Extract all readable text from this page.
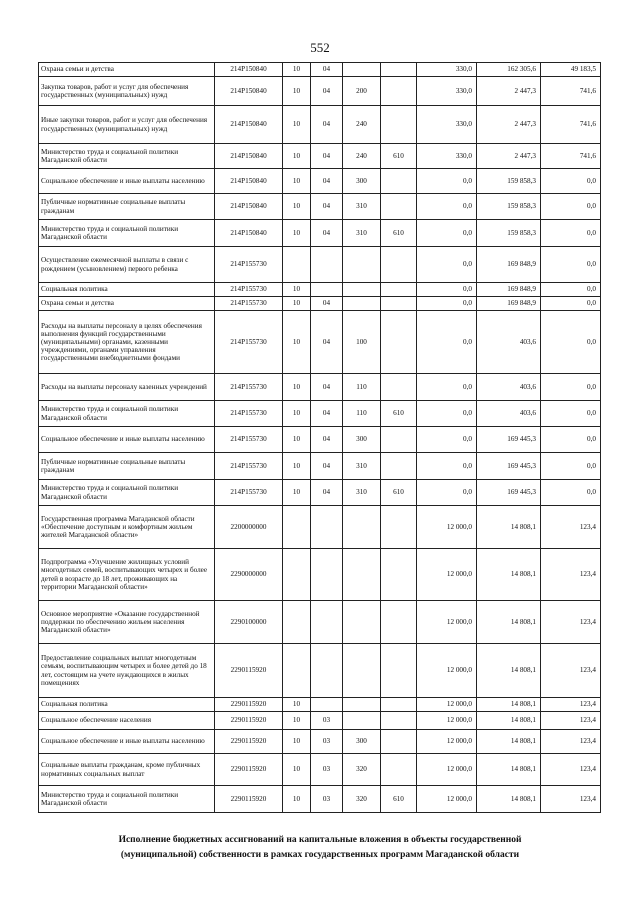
552
Охрана семьи и детства	214P150840	10	04			330,0	162 305,6	49 183,5
Закупка товаров, работ и услуг для обеспечения государственных (муниципальных) нужд	214P150840	10	04	200		330,0	2 447,3	741,6
Иные закупки товаров, работ и услуг для обеспечения государственных (муниципальных) нужд	214P150840	10	04	240		330,0	2 447,3	741,6
Министерство труда и социальной политики Магаданской области	214P150840	10	04	240	610	330,0	2 447,3	741,6
Социальное обеспечение и иные выплаты населению	214P150840	10	04	300		0,0	159 858,3	0,0
Публичные нормативные социальные выплаты гражданам	214P150840	10	04	310		0,0	159 858,3	0,0
Министерство труда и социальной политики Магаданской области	214P150840	10	04	310	610	0,0	159 858,3	0,0
Осуществление ежемесячной выплаты в связи с рождением (усыновлением) первого ребенка	214P155730					0,0	169 848,9	0,0
Социальная политика	214P155730	10				0,0	169 848,9	0,0
Охрана семьи и детства	214P155730	10	04			0,0	169 848,9	0,0
Расходы на выплаты персоналу в целях обеспечения выполнения функций государственными (муниципальными) органами, казенными учреждениями, органами управления государственными внебюджетными фондами	214P155730	10	04	100		0,0	403,6	0,0
Расходы на выплаты персоналу казенных учреждений	214P155730	10	04	110		0,0	403,6	0,0
Министерство труда и социальной политики Магаданской области	214P155730	10	04	110	610	0,0	403,6	0,0
Социальное обеспечение и иные выплаты населению	214P155730	10	04	300		0,0	169 445,3	0,0
Публичные нормативные социальные выплаты гражданам	214P155730	10	04	310		0,0	169 445,3	0,0
Министерство труда и социальной политики Магаданской области	214P155730	10	04	310	610	0,0	169 445,3	0,0
Государственная программа Магаданской области «Обеспечение доступным и комфортным жильем жителей Магаданской области»	2200000000					12 000,0	14 808,1	123,4
Подпрограмма «Улучшение жилищных условий многодетных семей, воспитывающих четырех и более детей в возрасте до 18 лет, проживающих на территории Магаданской области»	2290000000					12 000,0	14 808,1	123,4
Основное мероприятие «Оказание государственной поддержки по обеспечению жильем населения Магаданской области»	2290100000					12 000,0	14 808,1	123,4
Предоставление социальных выплат многодетным семьям, воспитывающим четырех и более детей до 18 лет, состоящим на учете нуждающихся в жилых помещениях	2290115920					12 000,0	14 808,1	123,4
Социальная политика	2290115920	10				12 000,0	14 808,1	123,4
Социальное обеспечение населения	2290115920	10	03			12 000,0	14 808,1	123,4
Социальное обеспечение и иные выплаты населению	2290115920	10	03	300		12 000,0	14 808,1	123,4
Социальные выплаты гражданам, кроме публичных нормативных социальных выплат	2290115920	10	03	320		12 000,0	14 808,1	123,4
Министерство труда и социальной политики Магаданской области	2290115920	10	03	320	610	12 000,0	14 808,1	123,4
Исполнение бюджетных ассигнований на капитальные вложения в объекты государственной
(муниципальной) собственности в рамках государственных программ Магаданской области
